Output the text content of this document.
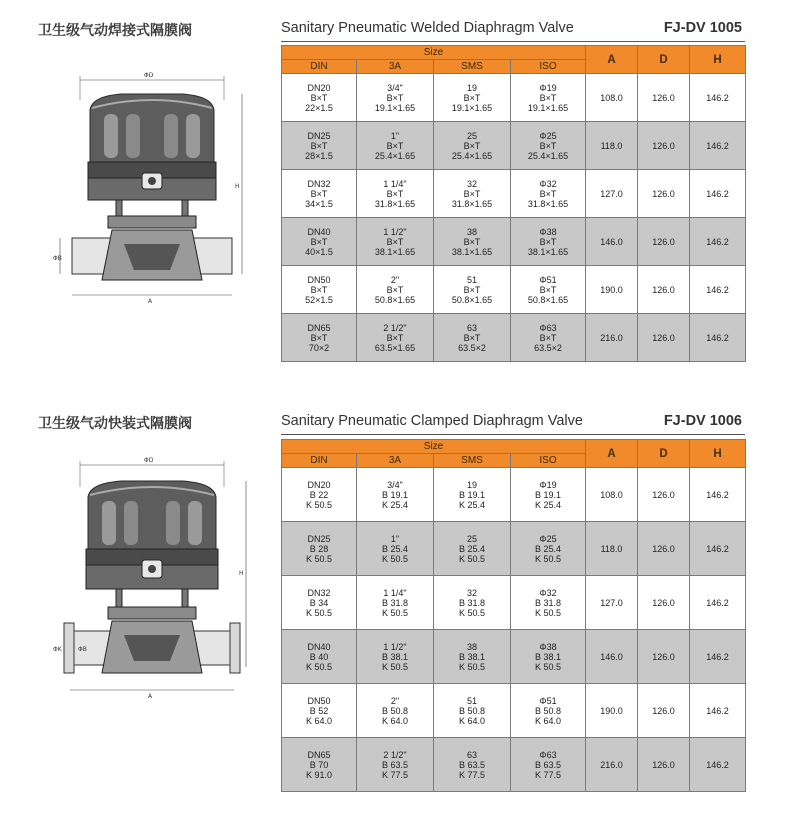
卫生级气动焊接式隔膜阀	Sanitary Pneumatic Welded Diaphragm Valve	FJ-DV 1005
ΦD
H
ΦB
A
Size				A	D	H
DIN	3A	SMS	ISO			

DN20
B×T
22×1.5	3/4"
B×T
19.1×1.65	19
B×T
19.1×1.65	Φ19
B×T
19.1×1.65	108.0	126.0	146.2

DN25
B×T
28×1.5	1"
B×T
25.4×1.65	25
B×T
25.4×1.65	Φ25
B×T
25.4×1.65	118.0	126.0	146.2

DN32
B×T
34×1.5	1 1/4"
B×T
31.8×1.65	32
B×T
31.8×1.65	Φ32
B×T
31.8×1.65	127.0	126.0	146.2

DN40
B×T
40×1.5	1 1/2"
B×T
38.1×1.65	38
B×T
38.1×1.65	Φ38
B×T
38.1×1.65	146.0	126.0	146.2

DN50
B×T
52×1.5	2"
B×T
50.8×1.65	51
B×T
50.8×1.65	Φ51
B×T
50.8×1.65	190.0	126.0	146.2

DN65
B×T
70×2	2 1/2"
B×T
63.5×1.65	63
B×T
63.5×2	Φ63
B×T
63.5×2	216.0	126.0	146.2
卫生级气动快装式隔膜阀	Sanitary Pneumatic Clamped Diaphragm Valve	FJ-DV 1006
ΦD
H
ΦK	ΦB
A
Size				A	D	H
DIN	3A	SMS	ISO			

DN20
B 22
K 50.5	3/4"
B 19.1
K 25.4	19
B 19.1
K 25.4	Φ19
B 19.1
K 25.4	108.0	126.0	146.2

DN25
B 28
K 50.5	1"
B 25.4
K 50.5	25
B 25.4
K 50.5	Φ25
B 25.4
K 50.5	118.0	126.0	146.2

DN32
B 34
K 50.5	1 1/4"
B 31.8
K 50.5	32
B 31.8
K 50.5	Φ32
B 31.8
K 50.5	127.0	126.0	146.2

DN40
B 40
K 50.5	1 1/2"
B 38.1
K 50.5	38
B 38.1
K 50.5	Φ38
B 38.1
K 50.5	146.0	126.0	146.2

DN50
B 52
K 64.0	2"
B 50.8
K 64.0	51
B 50.8
K 64.0	Φ51
B 50.8
K 64.0	190.0	126.0	146.2

DN65
B 70
K 91.0	2 1/2"
B 63.5
K 77.5	63
B 63.5
K 77.5	Φ63
B 63.5
K 77.5	216.0	126.0	146.2
